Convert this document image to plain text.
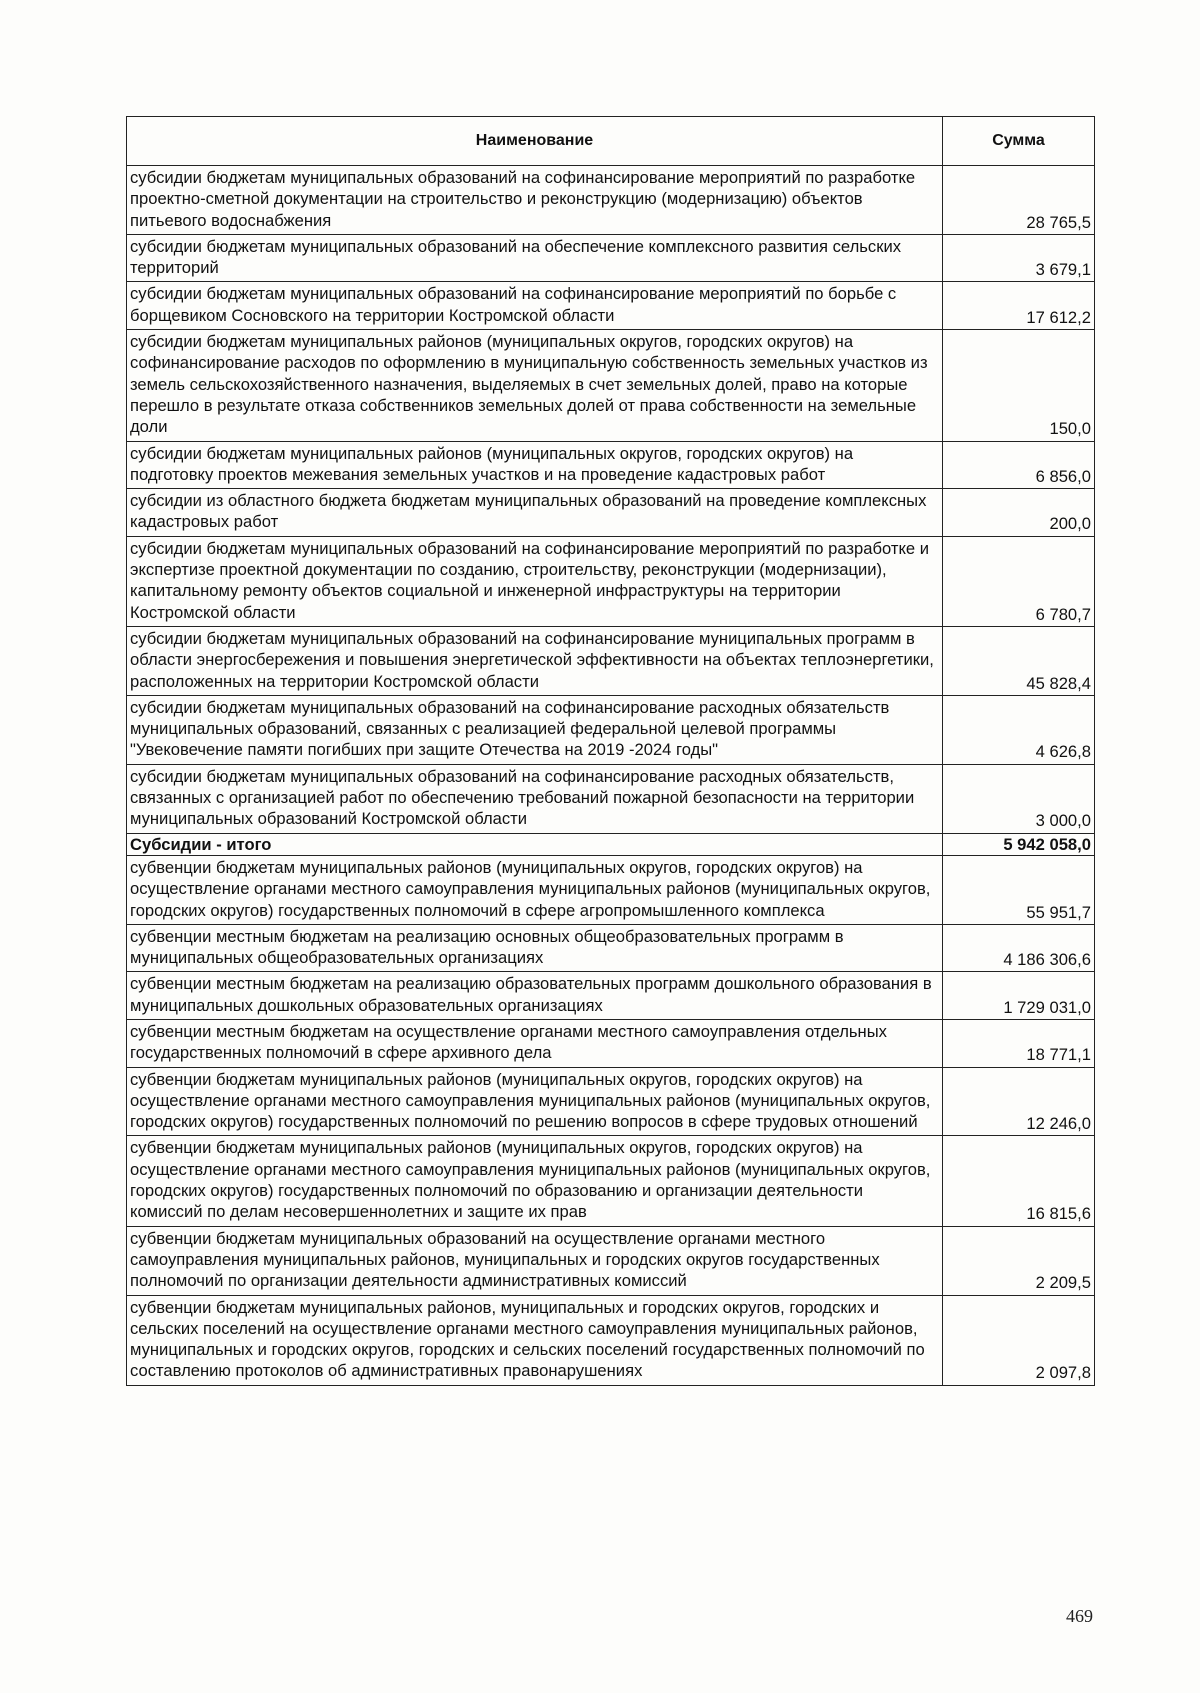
Наименование	Сумма
субсидии бюджетам муниципальных образований на софинансирование мероприятий по разработке проектно-сметной документации на строительство и реконструкцию (модернизацию) объектов питьевого водоснабжения	28 765,5
субсидии бюджетам муниципальных образований на обеспечение комплексного развития сельских территорий	3 679,1
субсидии бюджетам муниципальных образований на софинансирование мероприятий по борьбе с борщевиком Сосновского на территории Костромской области	17 612,2
субсидии бюджетам муниципальных районов (муниципальных округов, городских округов) на софинансирование расходов по оформлению в муниципальную собственность земельных участков из земель сельскохозяйственного назначения, выделяемых в счет земельных долей, право на которые перешло в результате отказа собственников земельных долей от права собственности на земельные доли	150,0
субсидии бюджетам муниципальных районов (муниципальных округов, городских округов) на подготовку проектов межевания земельных участков и на проведение кадастровых работ	6 856,0
субсидии из областного бюджета бюджетам муниципальных образований на проведение комплексных кадастровых работ	200,0
субсидии бюджетам муниципальных образований на софинансирование мероприятий по разработке и экспертизе проектной документации по созданию, строительству, реконструкции (модернизации), капитальному ремонту объектов социальной и инженерной инфраструктуры на территории Костромской области	6 780,7
субсидии бюджетам муниципальных образований на софинансирование муниципальных программ в области энергосбережения и повышения энергетической эффективности на объектах теплоэнергетики, расположенных на территории Костромской области	45 828,4
субсидии бюджетам муниципальных образований на софинансирование расходных обязательств муниципальных образований, связанных с реализацией федеральной целевой программы "Увековечение памяти погибших при защите Отечества на 2019 -2024 годы"	4 626,8
субсидии бюджетам муниципальных образований на софинансирование расходных обязательств, связанных с организацией работ по обеспечению требований пожарной безопасности на территории муниципальных образований Костромской области	3 000,0
Субсидии - итого	5 942 058,0
субвенции бюджетам муниципальных районов (муниципальных округов, городских округов) на осуществление органами местного самоуправления муниципальных районов (муниципальных округов, городских округов) государственных полномочий в сфере агропромышленного комплекса	55 951,7
субвенции местным бюджетам на реализацию основных общеобразовательных программ в муниципальных общеобразовательных организациях	4 186 306,6
субвенции местным бюджетам на реализацию образовательных программ дошкольного образования в муниципальных дошкольных образовательных организациях	1 729 031,0
субвенции местным бюджетам на осуществление органами местного самоуправления отдельных государственных полномочий в сфере архивного дела	18 771,1
субвенции бюджетам муниципальных районов (муниципальных округов, городских округов) на осуществление органами местного самоуправления муниципальных районов (муниципальных округов, городских округов) государственных полномочий по решению вопросов в сфере трудовых отношений	12 246,0
субвенции бюджетам муниципальных районов (муниципальных округов, городских округов) на осуществление органами местного самоуправления муниципальных районов (муниципальных округов, городских округов) государственных полномочий по образованию и организации деятельности комиссий по делам несовершеннолетних и защите их прав	16 815,6
субвенции бюджетам муниципальных образований на осуществление органами местного самоуправления муниципальных районов, муниципальных и городских округов государственных полномочий по организации деятельности административных комиссий	2 209,5
субвенции бюджетам муниципальных районов, муниципальных и городских округов, городских и сельских поселений на осуществление органами местного самоуправления муниципальных районов, муниципальных и городских округов, городских и сельских поселений государственных полномочий по составлению протоколов об административных правонарушениях	2 097,8
469
